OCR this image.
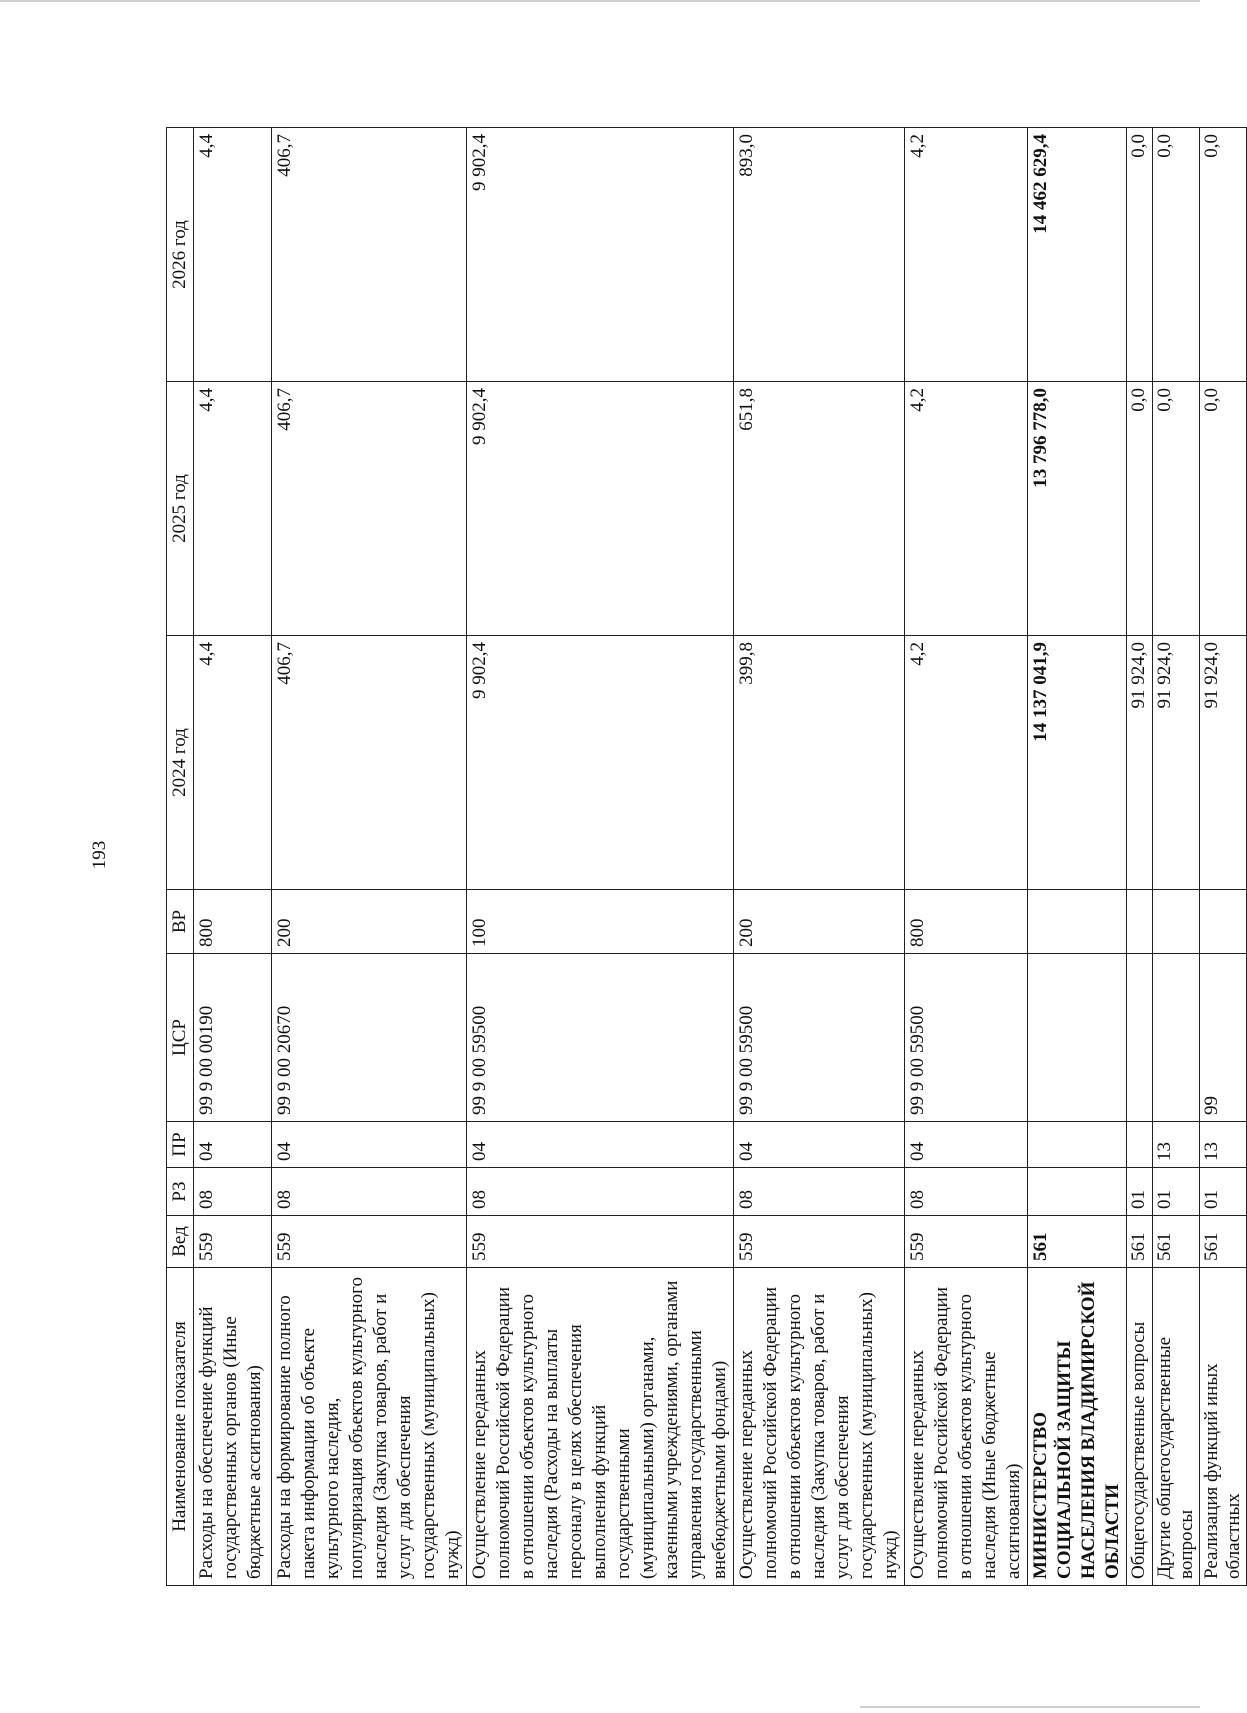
193
Наименование показателя	Вед	РЗ	ПР	ЦСР	ВР	2024 год	2025 год	2026 год
Расходы на обеспечение функций государственных органов (Иные бюджетные ассигнования)	559	08	04	99 9 00 00190	800	4,4	4,4	4,4
Расходы на формирование полного пакета информации об объекте культурного наследия, популяризация объектов культурного наследия (Закупка товаров, работ и услуг для обеспечения государственных (муниципальных) нужд)	559	08	04	99 9 00 20670	200	406,7	406,7	406,7
Осуществление переданных полномочий Российской Федерации в отношении объектов культурного наследия (Расходы на выплаты персоналу в целях обеспечения выполнения функций государственными (муниципальными) органами, казенными учреждениями, органами управления государственными внебюджетными фондами)	559	08	04	99 9 00 59500	100	9 902,4	9 902,4	9 902,4
Осуществление переданных полномочий Российской Федерации в отношении объектов культурного наследия (Закупка товаров, работ и услуг для обеспечения государственных (муниципальных) нужд)	559	08	04	99 9 00 59500	200	399,8	651,8	893,0
Осуществление переданных полномочий Российской Федерации в отношении объектов культурного наследия (Иные бюджетные ассигнования)	559	08	04	99 9 00 59500	800	4,2	4,2	4,2
МИНИСТЕРСТВО СОЦИАЛЬНОЙ ЗАЩИТЫ НАСЕЛЕНИЯ ВЛАДИМИРСКОЙ ОБЛАСТИ	561					14 137 041,9	13 796 778,0	14 462 629,4
Общегосударственные вопросы	561	01				91 924,0	0,0	0,0
Другие общегосударственные вопросы	561	01	13			91 924,0	0,0	0,0
Реализация функций иных областных	561	01	13	99		91 924,0	0,0	0,0
